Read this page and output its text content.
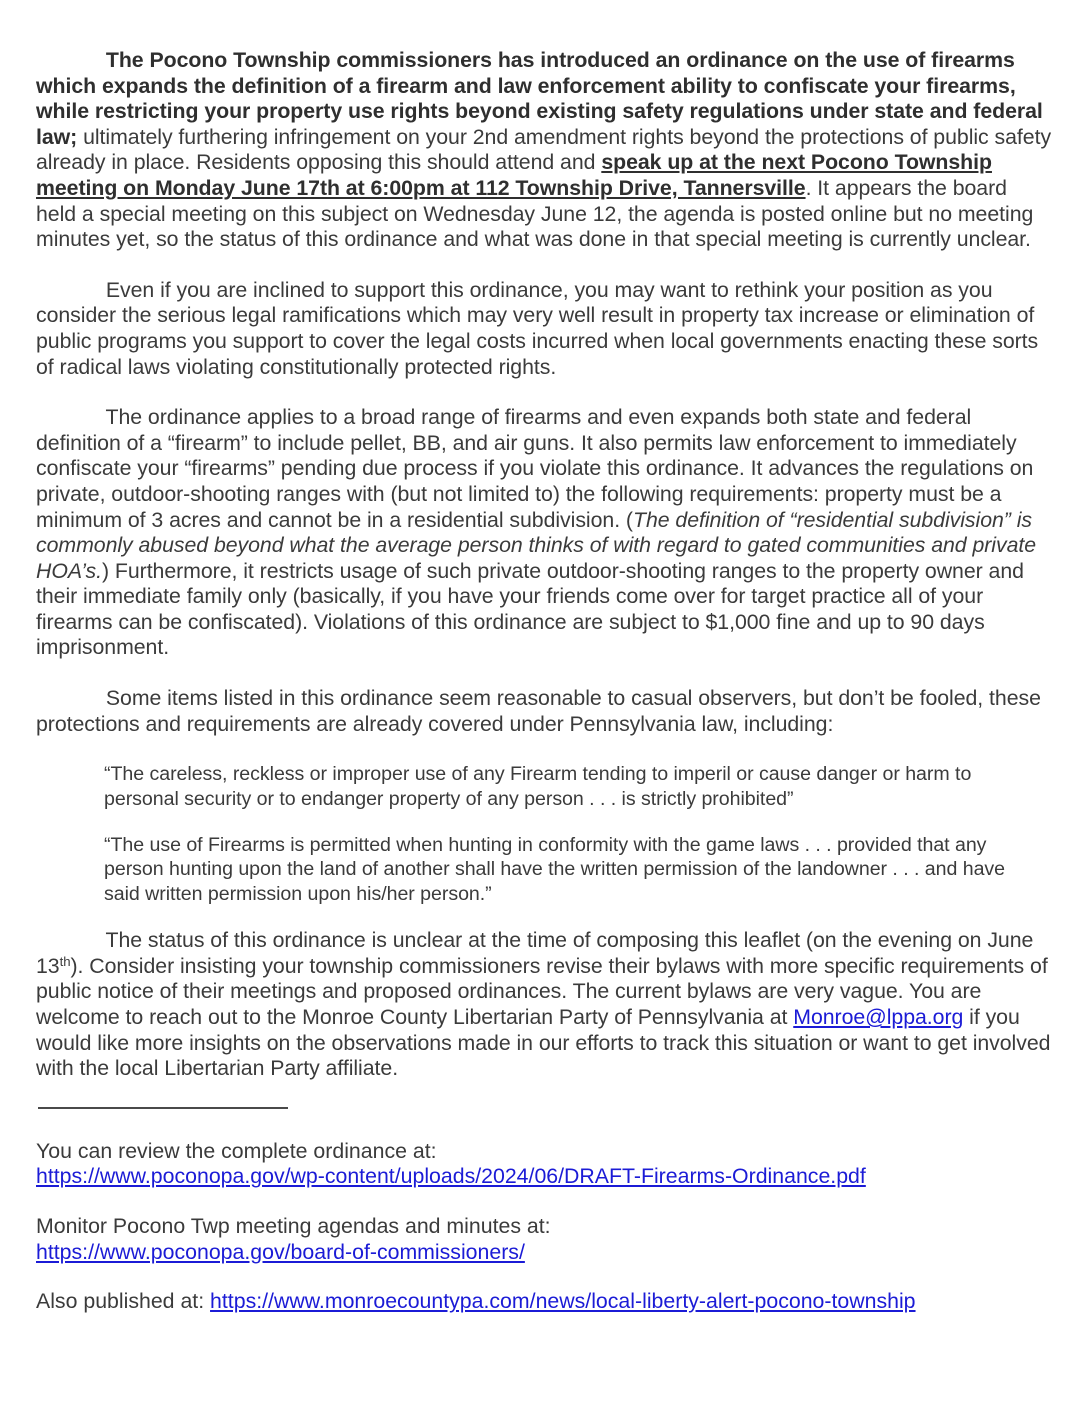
The Pocono Township commissioners has introduced an ordinance on the use of firearms which expands the definition of a firearm and law enforcement ability to confiscate your firearms, while restricting your property use rights beyond existing safety regulations under state and federal law; ultimately furthering infringement on your 2nd amendment rights beyond the protections of public safety already in place. Residents opposing this should attend and speak up at the next Pocono Township meeting on Monday June 17th at 6:00pm at 112 Township Drive, Tannersville. It appears the board held a special meeting on this subject on Wednesday June 12, the agenda is posted online but no meeting minutes yet, so the status of this ordinance and what was done in that special meeting is currently unclear.

Even if you are inclined to support this ordinance, you may want to rethink your position as you consider the serious legal ramifications which may very well result in property tax increase or elimination of public programs you support to cover the legal costs incurred when local governments enacting these sorts of radical laws violating constitutionally protected rights.

The ordinance applies to a broad range of firearms and even expands both state and federal definition of a “firearm” to include pellet, BB, and air guns. It also permits law enforcement to immediately confiscate your “firearms” pending due process if you violate this ordinance. It advances the regulations on private, outdoor-shooting ranges with (but not limited to) the following requirements: property must be a minimum of 3 acres and cannot be in a residential subdivision. (The definition of “residential subdivision” is commonly abused beyond what the average person thinks of with regard to gated communities and private HOA’s.) Furthermore, it restricts usage of such private outdoor-shooting ranges to the property owner and their immediate family only (basically, if you have your friends come over for target practice all of your firearms can be confiscated). Violations of this ordinance are subject to $1,000 fine and up to 90 days imprisonment.

Some items listed in this ordinance seem reasonable to casual observers, but don’t be fooled, these protections and requirements are already covered under Pennsylvania law, including:

“The careless, reckless or improper use of any Firearm tending to imperil or cause danger or harm to personal security or to endanger property of any person . . . is strictly prohibited”

“The use of Firearms is permitted when hunting in conformity with the game laws . . . provided that any person hunting upon the land of another shall have the written permission of the landowner . . . and have said written permission upon his/her person.”

The status of this ordinance is unclear at the time of composing this leaflet (on the evening on June 13th). Consider insisting your township commissioners revise their bylaws with more specific requirements of public notice of their meetings and proposed ordinances. The current bylaws are very vague. You are welcome to reach out to the Monroe County Libertarian Party of Pennsylvania at Monroe@lppa.org if you would like more insights on the observations made in our efforts to track this situation or want to get involved with the local Libertarian Party affiliate.

You can review the complete ordinance at:
https://www.poconopa.gov/wp-content/uploads/2024/06/DRAFT-Firearms-Ordinance.pdf
Monitor Pocono Twp meeting agendas and minutes at:
https://www.poconopa.gov/board-of-commissioners/
Also published at: https://www.monroecountypa.com/news/local-liberty-alert-pocono-township
